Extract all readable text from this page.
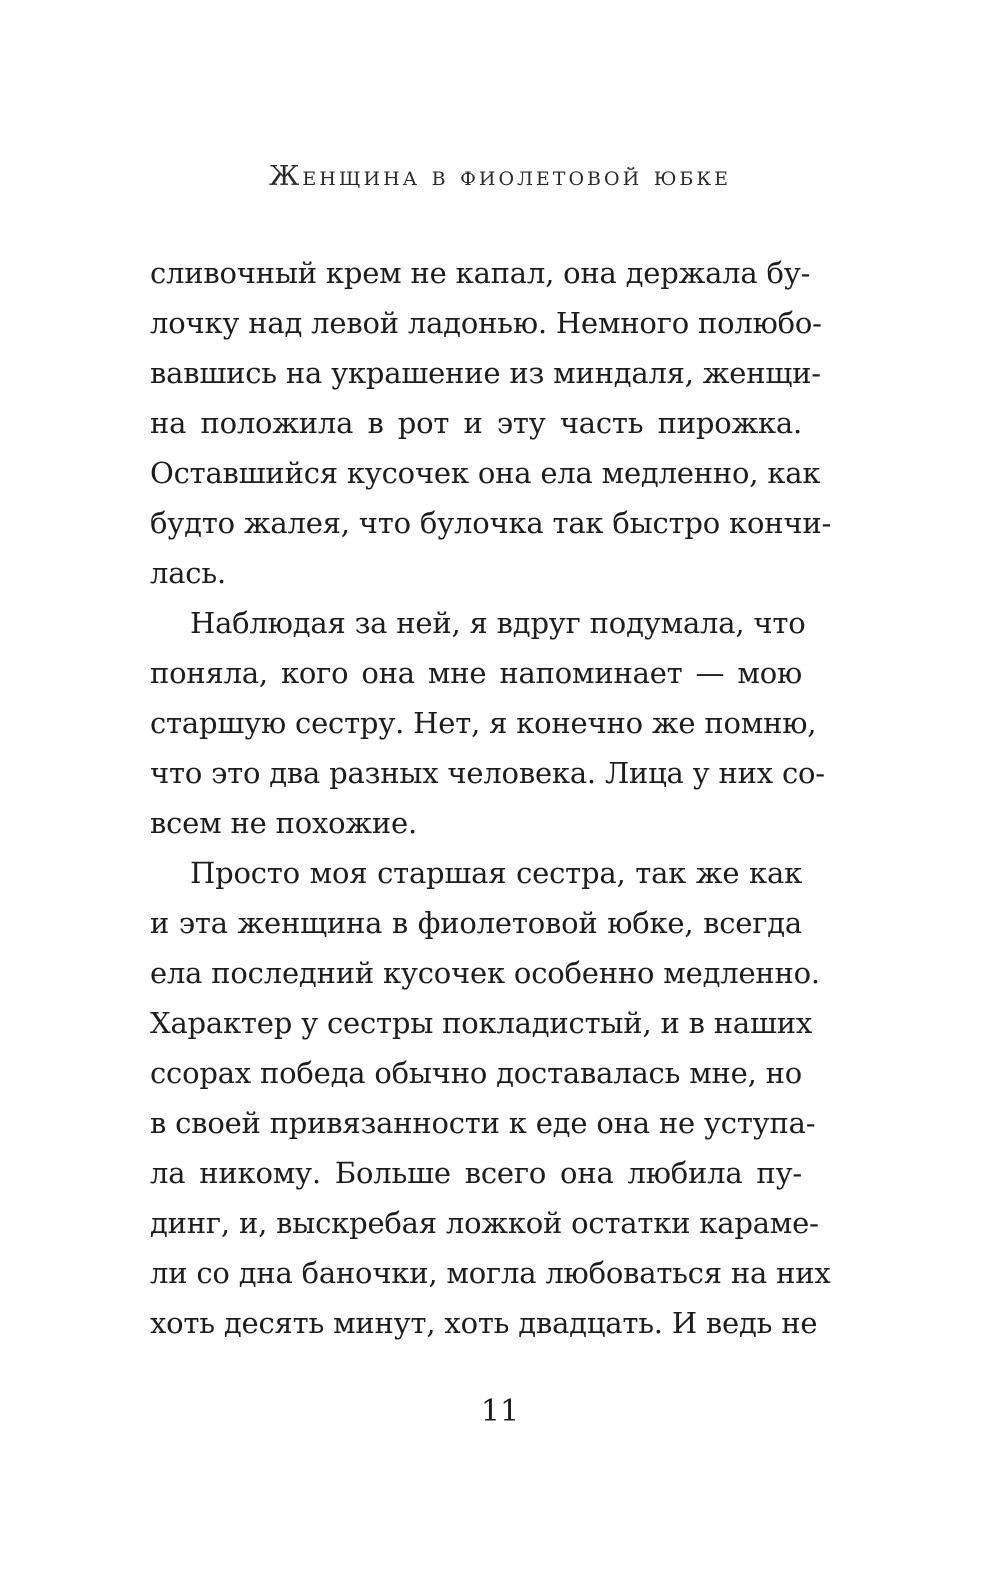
Женщина в фиолетовой юбке
сливочный крем не капал, она держала бу-
лочку над левой ладонью. Немного полюбо-
вавшись на украшение из миндаля, женщи-
на положила в рот и эту часть пирожка.
Оставшийся кусочек она ела медленно, как
будто жалея, что булочка так быстро кончи-
лась.
Наблюдая за ней, я вдруг подумала, что
поняла, кого она мне напоминает — мою
старшую сестру. Нет, я конечно же помню,
что это два разных человека. Лица у них со-
всем не похожие.
Просто моя старшая сестра, так же как
и эта женщина в фиолетовой юбке, всегда
ела последний кусочек особенно медленно.
Характер у сестры покладистый, и в наших
ссорах победа обычно доставалась мне, но
в своей привязанности к еде она не уступа-
ла никому. Больше всего она любила пу-
динг, и, выскребая ложкой остатки караме-
ли со дна баночки, могла любоваться на них
хоть десять минут, хоть двадцать. И ведь не
11
